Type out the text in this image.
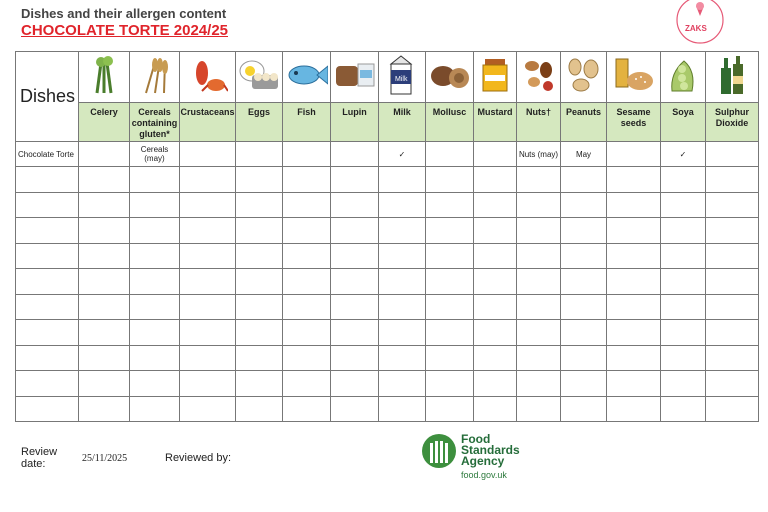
Dishes and their allergen content
CHOCOLATE TORTE 2024/25	ZAKS
Dishes							Milk

	Celery	Cereals containing gluten*	Crustaceans	Eggs	Fish	Lupin	Milk	Mollusc	Mustard	Nuts†	Peanuts	Sesame seeds	Soya	Sulphur Dioxide
Chocolate Torte		Cereals (may)					✓			Nuts (may)	May		✓	

Review date:	25/11/2025	Reviewed by:
Food
Standards
Agency
food.gov.uk
